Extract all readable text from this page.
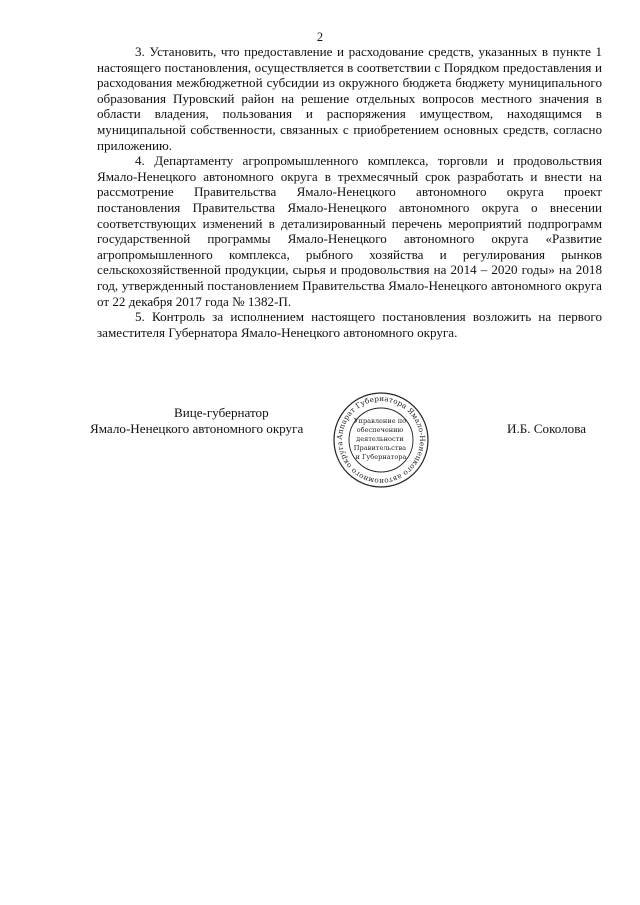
2

3. Установить, что предоставление и расходование средств, указанных в пункте 1 настоящего постановления, осуществляется в соответствии с Порядком предоставления и расходования межбюджетной субсидии из окружного бюджета бюджету муниципального образования Пуровский район на решение отдельных вопросов местного значения в области владения, пользования и распоряжения имуществом, находящимся в муниципальной собственности, связанных с приобретением основных средств, согласно приложению.

4. Департаменту агропромышленного комплекса, торговли и продовольствия Ямало-Ненецкого автономного округа в трехмесячный срок разработать и внести на рассмотрение Правительства Ямало-Ненецкого автономного округа проект постановления Правительства Ямало-Ненецкого автономного округа о внесении соответствующих изменений в детализированный перечень мероприятий подпрограмм государственной программы Ямало-Ненецкого автономного округа «Развитие агропромышленного комплекса, рыбного хозяйства и регулирования рынков сельскохозяйственной продукции, сырья и продовольствия на 2014 – 2020 годы» на 2018 год, утвержденный постановлением Правительства Ямало-Ненецкого автономного округа от 22 декабря 2017 года № 1382-П.

5. Контроль за исполнением настоящего постановления возложить на первого заместителя Губернатора Ямало-Ненецкого автономного округа.

Вице-губернатор
Ямало-Ненецкого автономного округа
Аппарат Губернатора Ямало-Ненецкого автономного округа
Управление по обеспечению деятельности Правительства и Губернатора
И.Б. Соколова
